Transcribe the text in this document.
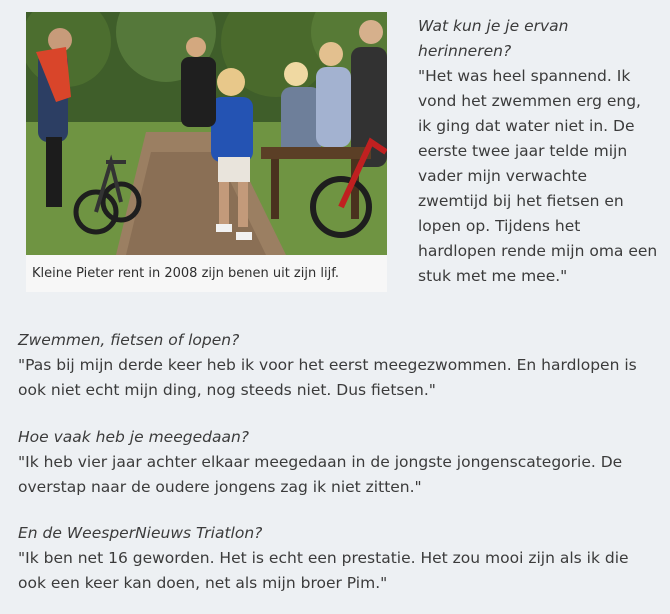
Kleine Pieter rent in 2008 zijn benen uit zijn lijf.
Wat kun je je ervan
herinneren?
"Het was heel spannend. Ik
vond het zwemmen erg eng,
ik ging dat water niet in. De
eerste twee jaar telde mijn
vader mijn verwachte
zwemtijd bij het fietsen en
lopen op. Tijdens het
hardlopen rende mijn oma een
stuk met me mee."
Zwemmen, fietsen of lopen?
"Pas bij mijn derde keer heb ik voor het eerst meegezwommen. En hardlopen is
ook niet echt mijn ding, nog steeds niet. Dus fietsen."
Hoe vaak heb je meegedaan?
"Ik heb vier jaar achter elkaar meegedaan in de jongste jongenscategorie. De
overstap naar de oudere jongens zag ik niet zitten."
En de WeesperNieuws Triatlon?
"Ik ben net 16 geworden. Het is echt een prestatie. Het zou mooi zijn als ik die
ook een keer kan doen, net als mijn broer Pim."
